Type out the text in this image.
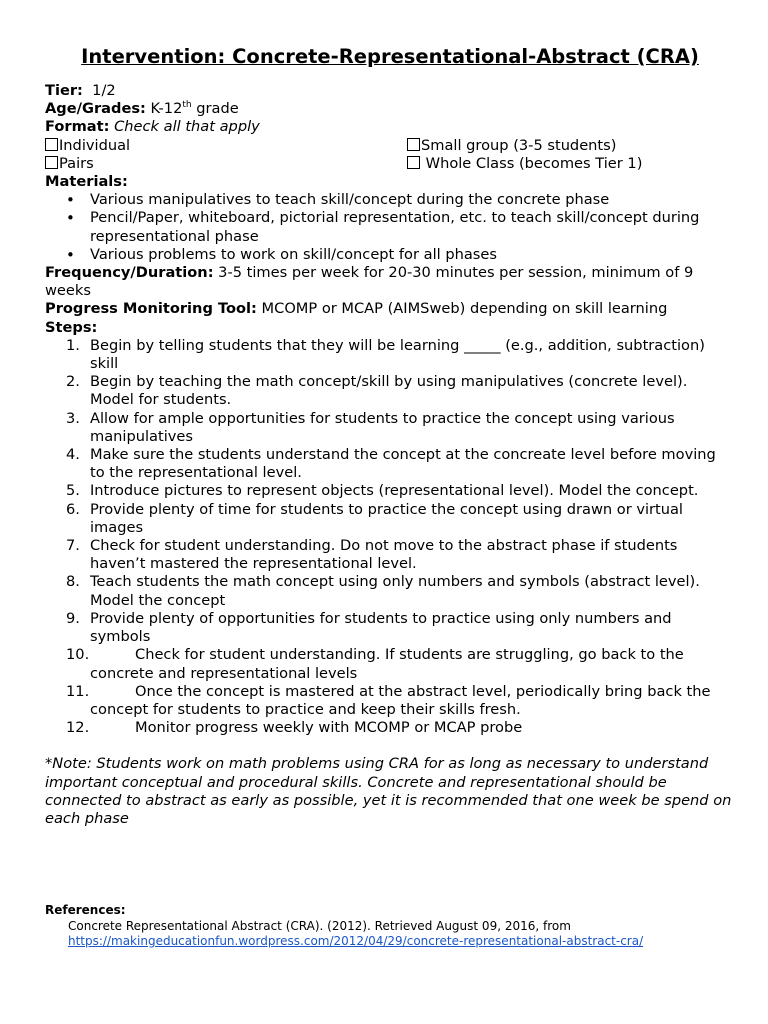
Intervention: Concrete-Representational-Abstract (CRA)

Tier: 1/2

Age/Grades: K-12th grade

Format: Check all that apply

Individual	Small group (3-5 students)
Pairs	Whole Class (becomes Tier 1)

Materials:

• Various manipulatives to teach skill/concept during the concrete phase
• Pencil/Paper, whiteboard, pictorial representation, etc. to teach skill/concept during representational phase
• Various problems to work on skill/concept for all phases

Frequency/Duration: 3-5 times per week for 20-30 minutes per session, minimum of 9 weeks

Progress Monitoring Tool: MCOMP or MCAP (AIMSweb) depending on skill learning

Steps:

1. Begin by telling students that they will be learning _____ (e.g., addition, subtraction) skill
2. Begin by teaching the math concept/skill by using manipulatives (concrete level). Model for students.
3. Allow for ample opportunities for students to practice the concept using various manipulatives
4. Make sure the students understand the concept at the concreate level before moving to the representational level.
5. Introduce pictures to represent objects (representational level). Model the concept.
6. Provide plenty of time for students to practice the concept using drawn or virtual images
7. Check for student understanding. Do not move to the abstract phase if students haven’t mastered the representational level.
8. Teach students the math concept using only numbers and symbols (abstract level). Model the concept
9. Provide plenty of opportunities for students to practice using only numbers and symbols
10.	Check for student understanding. If students are struggling, go back to the concrete and representational levels
11.	Once the concept is mastered at the abstract level, periodically bring back the concept for students to practice and keep their skills fresh.
12.	Monitor progress weekly with MCOMP or MCAP probe

*Note: Students work on math problems using CRA for as long as necessary to understand important conceptual and procedural skills. Concrete and representational should be connected to abstract as early as possible, yet it is recommended that one week be spend on each phase

References:
Concrete Representational Abstract (CRA). (2012). Retrieved August 09, 2016, from
https://makingeducationfun.wordpress.com/2012/04/29/concrete-representational-abstract-cra/
